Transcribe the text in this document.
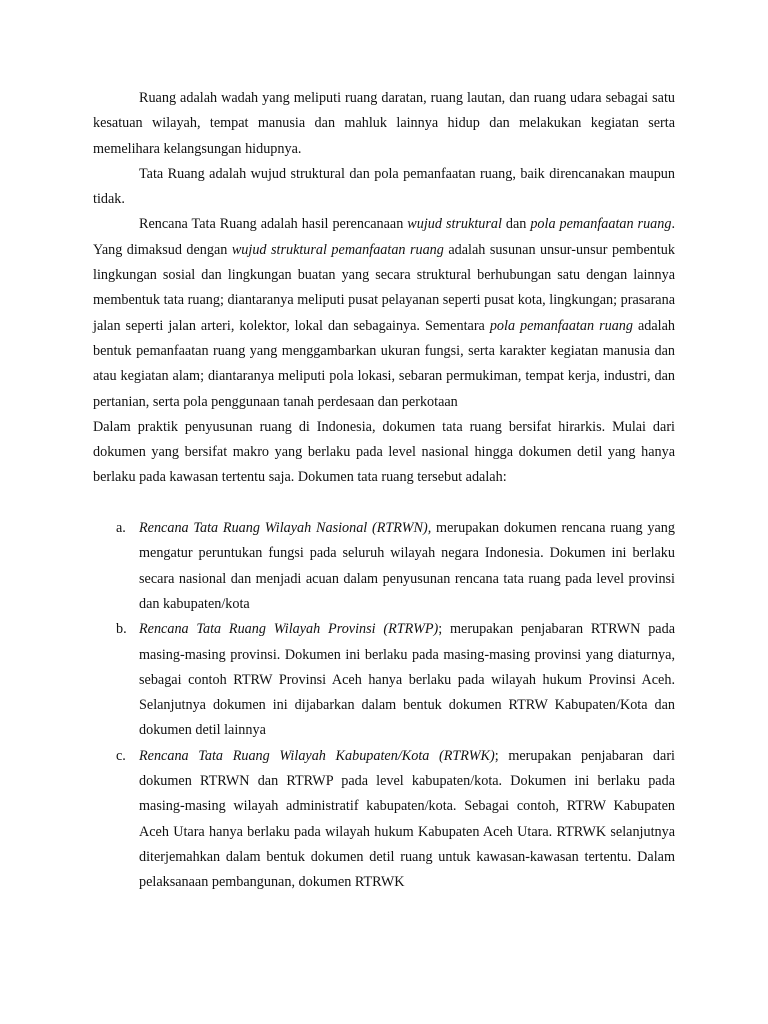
Ruang adalah wadah yang meliputi ruang daratan, ruang lautan, dan ruang udara sebagai satu kesatuan wilayah, tempat manusia dan mahluk lainnya hidup dan melakukan kegiatan serta memelihara kelangsungan hidupnya.

Tata Ruang adalah wujud struktural dan pola pemanfaatan ruang, baik direncanakan maupun tidak.

Rencana Tata Ruang adalah hasil perencanaan wujud struktural dan pola pemanfaatan ruang. Yang dimaksud dengan wujud struktural pemanfaatan ruang adalah susunan unsur-unsur pembentuk lingkungan sosial dan lingkungan buatan yang secara struktural berhubungan satu dengan lainnya membentuk tata ruang; diantaranya meliputi pusat pelayanan seperti pusat kota, lingkungan; prasarana jalan seperti jalan arteri, kolektor, lokal dan sebagainya. Sementara pola pemanfaatan ruang adalah bentuk pemanfaatan ruang yang menggambarkan ukuran fungsi, serta karakter kegiatan manusia dan atau kegiatan alam; diantaranya meliputi pola lokasi, sebaran permukiman, tempat kerja, industri, dan pertanian, serta pola penggunaan tanah perdesaan dan perkotaan

Dalam praktik penyusunan ruang di Indonesia, dokumen tata ruang bersifat hirarkis. Mulai dari dokumen yang bersifat makro yang berlaku pada level nasional hingga dokumen detil yang hanya berlaku pada kawasan tertentu saja. Dokumen tata ruang tersebut adalah:

a. Rencana Tata Ruang Wilayah Nasional (RTRWN), merupakan dokumen rencana ruang yang mengatur peruntukan fungsi pada seluruh wilayah negara Indonesia. Dokumen ini berlaku secara nasional dan menjadi acuan dalam penyusunan rencana tata ruang pada level provinsi dan kabupaten/kota
b. Rencana Tata Ruang Wilayah Provinsi (RTRWP); merupakan penjabaran RTRWN pada masing-masing provinsi. Dokumen ini berlaku pada masing-masing provinsi yang diaturnya, sebagai contoh RTRW Provinsi Aceh hanya berlaku pada wilayah hukum Provinsi Aceh. Selanjutnya dokumen ini dijabarkan dalam bentuk dokumen RTRW Kabupaten/Kota dan dokumen detil lainnya
c. Rencana Tata Ruang Wilayah Kabupaten/Kota (RTRWK); merupakan penjabaran dari dokumen RTRWN dan RTRWP pada level kabupaten/kota. Dokumen ini berlaku pada masing-masing wilayah administratif kabupaten/kota. Sebagai contoh, RTRW Kabupaten Aceh Utara hanya berlaku pada wilayah hukum Kabupaten Aceh Utara. RTRWK selanjutnya diterjemahkan dalam bentuk dokumen detil ruang untuk kawasan-kawasan tertentu. Dalam pelaksanaan pembangunan, dokumen RTRWK
